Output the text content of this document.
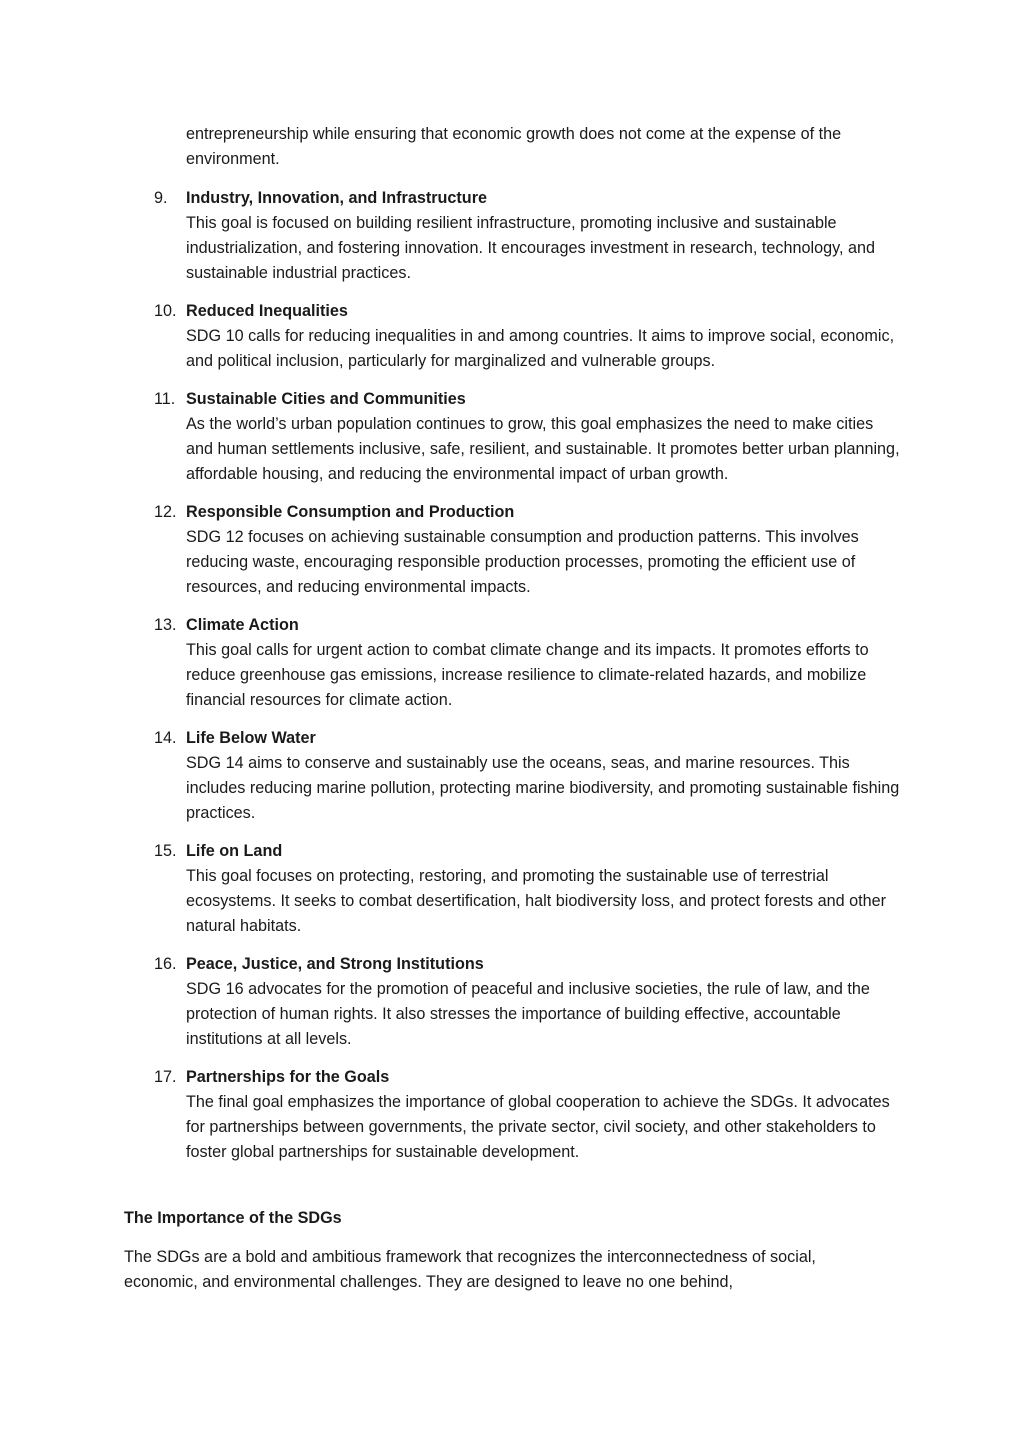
entrepreneurship while ensuring that economic growth does not come at the expense of the environment.

9. Industry, Innovation, and Infrastructure
This goal is focused on building resilient infrastructure, promoting inclusive and sustainable industrialization, and fostering innovation. It encourages investment in research, technology, and sustainable industrial practices.
10. Reduced Inequalities
SDG 10 calls for reducing inequalities in and among countries. It aims to improve social, economic, and political inclusion, particularly for marginalized and vulnerable groups.
11. Sustainable Cities and Communities
As the world’s urban population continues to grow, this goal emphasizes the need to make cities and human settlements inclusive, safe, resilient, and sustainable. It promotes better urban planning, affordable housing, and reducing the environmental impact of urban growth.
12. Responsible Consumption and Production
SDG 12 focuses on achieving sustainable consumption and production patterns. This involves reducing waste, encouraging responsible production processes, promoting the efficient use of resources, and reducing environmental impacts.
13. Climate Action
This goal calls for urgent action to combat climate change and its impacts. It promotes efforts to reduce greenhouse gas emissions, increase resilience to climate-related hazards, and mobilize financial resources for climate action.
14. Life Below Water
SDG 14 aims to conserve and sustainably use the oceans, seas, and marine resources. This includes reducing marine pollution, protecting marine biodiversity, and promoting sustainable fishing practices.
15. Life on Land
This goal focuses on protecting, restoring, and promoting the sustainable use of terrestrial ecosystems. It seeks to combat desertification, halt biodiversity loss, and protect forests and other natural habitats.
16. Peace, Justice, and Strong Institutions
SDG 16 advocates for the promotion of peaceful and inclusive societies, the rule of law, and the protection of human rights. It also stresses the importance of building effective, accountable institutions at all levels.
17. Partnerships for the Goals
The final goal emphasizes the importance of global cooperation to achieve the SDGs. It advocates for partnerships between governments, the private sector, civil society, and other stakeholders to foster global partnerships for sustainable development.
The Importance of the SDGs

The SDGs are a bold and ambitious framework that recognizes the interconnectedness of social, economic, and environmental challenges. They are designed to leave no one behind,
